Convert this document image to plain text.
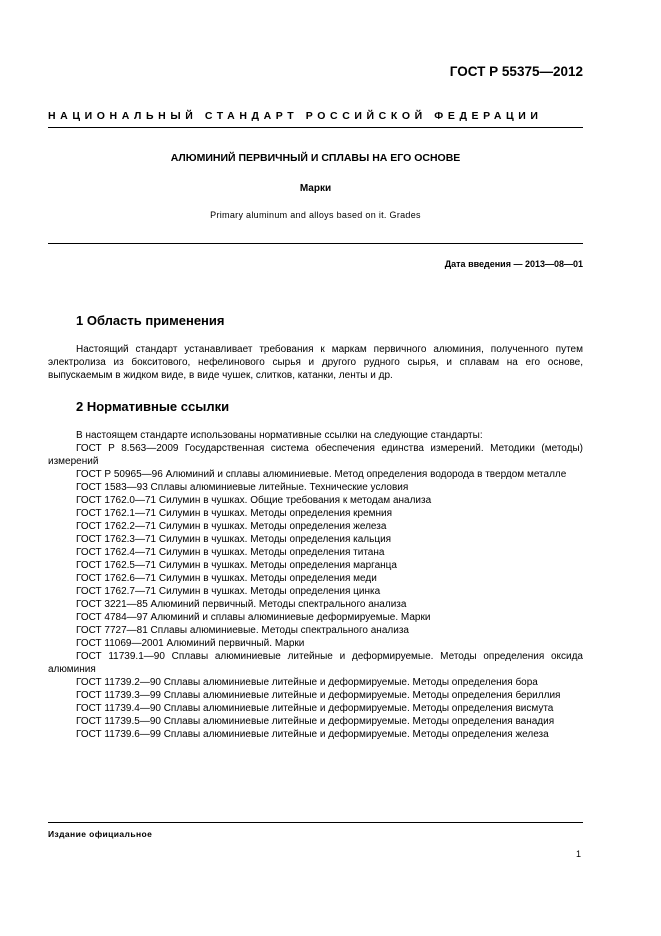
ГОСТ Р 55375—2012
НАЦИОНАЛЬНЫЙ СТАНДАРТ РОССИЙСКОЙ ФЕДЕРАЦИИ
АЛЮМИНИЙ ПЕРВИЧНЫЙ И СПЛАВЫ НА ЕГО ОСНОВЕ
Марки
Primary aluminum and alloys based on it. Grades
Дата введения — 2013—08—01
1 Область применения
Настоящий стандарт устанавливает требования к маркам первичного алюминия, полученного путем электролиза из бокситового, нефелинового сырья и другого рудного сырья, и сплавам на его основе, выпускаемым в жидком виде, в виде чушек, слитков, катанки, ленты и др.
2 Нормативные ссылки
В настоящем стандарте использованы нормативные ссылки на следующие стандарты:
ГОСТ Р 8.563—2009 Государственная система обеспечения единства измерений. Методики (методы) измерений
ГОСТ Р 50965—96 Алюминий и сплавы алюминиевые. Метод определения водорода в твердом металле
ГОСТ 1583—93 Сплавы алюминиевые литейные. Технические условия
ГОСТ 1762.0—71 Силумин в чушках. Общие требования к методам анализа
ГОСТ 1762.1—71 Силумин в чушках. Методы определения кремния
ГОСТ 1762.2—71 Силумин в чушках. Методы определения железа
ГОСТ 1762.3—71 Силумин в чушках. Методы определения кальция
ГОСТ 1762.4—71 Силумин в чушках. Методы определения титана
ГОСТ 1762.5—71 Силумин в чушках. Методы определения марганца
ГОСТ 1762.6—71 Силумин в чушках. Методы определения меди
ГОСТ 1762.7—71 Силумин в чушках. Методы определения цинка
ГОСТ 3221—85 Алюминий первичный. Методы спектрального анализа
ГОСТ 4784—97 Алюминий и сплавы алюминиевые деформируемые. Марки
ГОСТ 7727—81 Сплавы алюминиевые. Методы спектрального анализа
ГОСТ 11069—2001 Алюминий первичный. Марки
ГОСТ 11739.1—90 Сплавы алюминиевые литейные и деформируемые. Методы определения оксида алюминия
ГОСТ 11739.2—90 Сплавы алюминиевые литейные и деформируемые. Методы определения бора
ГОСТ 11739.3—99 Сплавы алюминиевые литейные и деформируемые. Методы определения бериллия
ГОСТ 11739.4—90 Сплавы алюминиевые литейные и деформируемые. Методы определения висмута
ГОСТ 11739.5—90 Сплавы алюминиевые литейные и деформируемые. Методы определения ванадия
ГОСТ 11739.6—99 Сплавы алюминиевые литейные и деформируемые. Методы определения железа
Издание официальное
1
